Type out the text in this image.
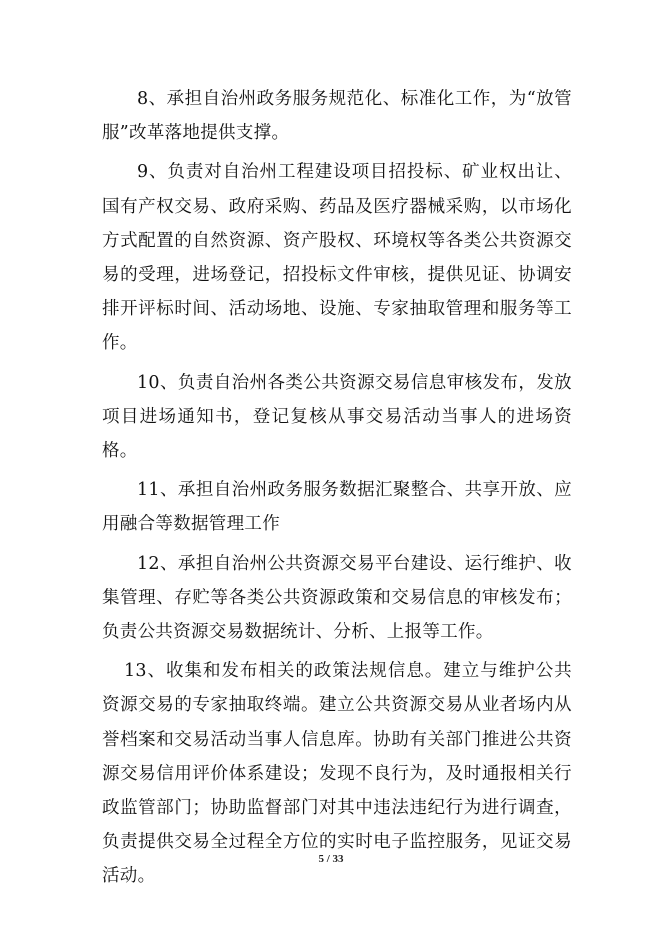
8、承担自治州政务服务规范化、标准化工作，为“放管服”改革落地提供支撑。

9、负责对自治州工程建设项目招投标、矿业权出让、国有产权交易、政府采购、药品及医疗器械采购，以市场化方式配置的自然资源、资产股权、环境权等各类公共资源交易的受理，进场登记，招投标文件审核，提供见证、协调安排开评标时间、活动场地、设施、专家抽取管理和服务等工作。

10、负责自治州各类公共资源交易信息审核发布，发放项目进场通知书，登记复核从事交易活动当事人的进场资格。

11、承担自治州政务服务数据汇聚整合、共享开放、应用融合等数据管理工作

12、承担自治州公共资源交易平台建设、运行维护、收集管理、存贮等各类公共资源政策和交易信息的审核发布；负责公共资源交易数据统计、分析、上报等工作。

13、收集和发布相关的政策法规信息。建立与维护公共资源交易的专家抽取终端。建立公共资源交易从业者场内从誉档案和交易活动当事人信息库。协助有关部门推进公共资源交易信用评价体系建设；发现不良行为，及时通报相关行政监管部门；协助监督部门对其中违法违纪行为进行调查，负责提供交易全过程全方位的实时电子监控服务，见证交易活动。

5 / 33
